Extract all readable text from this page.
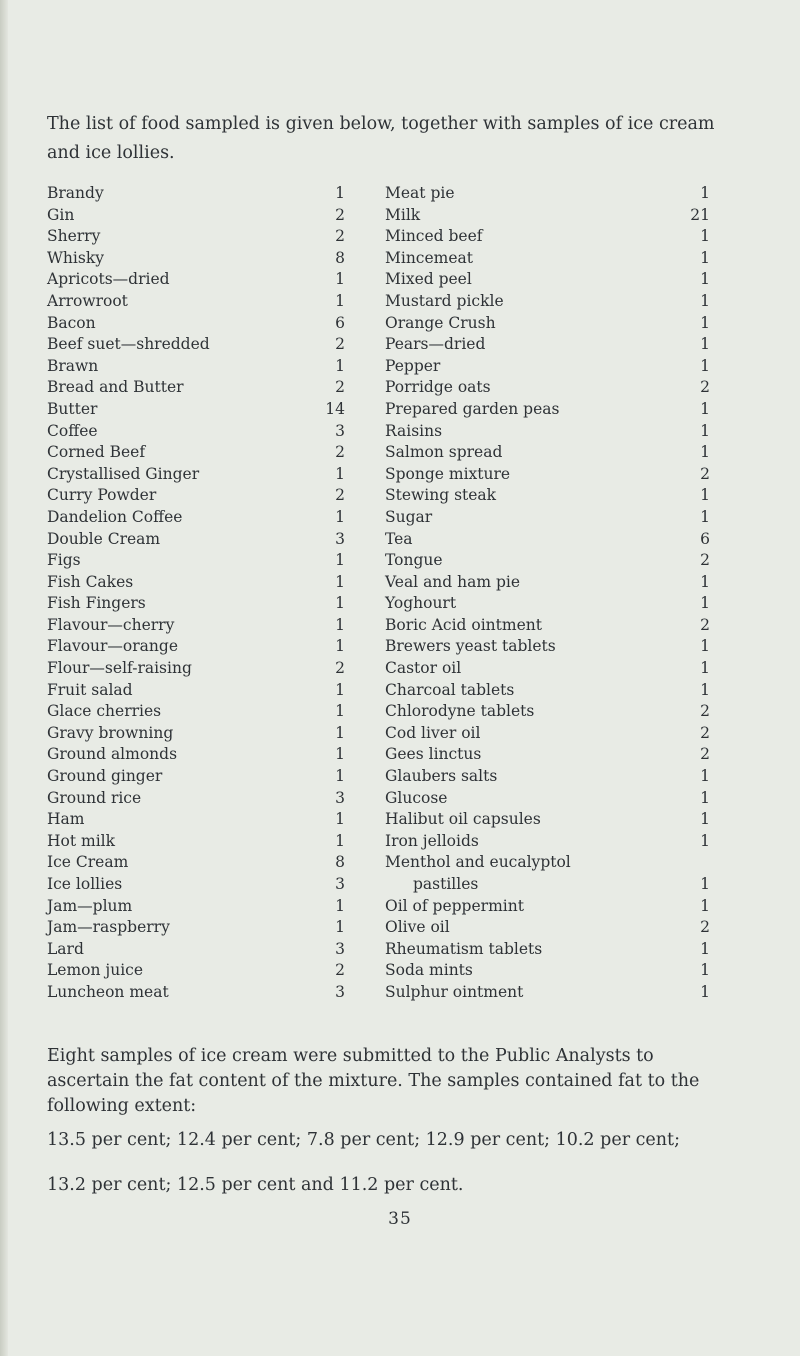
The list of food sampled is given below, together with samples of ice cream and ice lollies.

Brandy	1
Gin	2
Sherry	2
Whisky	8
Apricots—dried	1
Arrowroot	1
Bacon	6
Beef suet—shredded	2
Brawn	1
Bread and Butter	2
Butter	14
Coffee	3
Corned Beef	2
Crystallised Ginger	1
Curry Powder	2
Dandelion Coffee	1
Double Cream	3
Figs	1
Fish Cakes	1
Fish Fingers	1
Flavour—cherry	1
Flavour—orange	1
Flour—self-raising	2
Fruit salad	1
Glace cherries	1
Gravy browning	1
Ground almonds	1
Ground ginger	1
Ground rice	3
Ham	1
Hot milk	1
Ice Cream	8
Ice lollies	3
Jam—plum	1
Jam—raspberry	1
Lard	3
Lemon juice	2
Luncheon meat	3
Meat pie	1
Milk	21
Minced beef	1
Mincemeat	1
Mixed peel	1
Mustard pickle	1
Orange Crush	1
Pears—dried	1
Pepper	1
Porridge oats	2
Prepared garden peas	1
Raisins	1
Salmon spread	1
Sponge mixture	2
Stewing steak	1
Sugar	1
Tea	6
Tongue	2
Veal and ham pie	1
Yoghourt	1
Boric Acid ointment	2
Brewers yeast tablets	1
Castor oil	1
Charcoal tablets	1
Chlorodyne tablets	2
Cod liver oil	2
Gees linctus	2
Glaubers salts	1
Glucose	1
Halibut oil capsules	1
Iron jelloids	1
Menthol and eucalyptol
pastilles	1
Oil of peppermint	1
Olive oil	2
Rheumatism tablets	1
Soda mints	1
Sulphur ointment	1

Eight samples of ice cream were submitted to the Public Analysts to ascertain the fat content of the mixture. The samples contained fat to the following extent:

13.5 per cent; 12.4 per cent; 7.8 per cent; 12.9 per cent; 10.2 per cent;

13.2 per cent; 12.5 per cent and 11.2 per cent.

35
